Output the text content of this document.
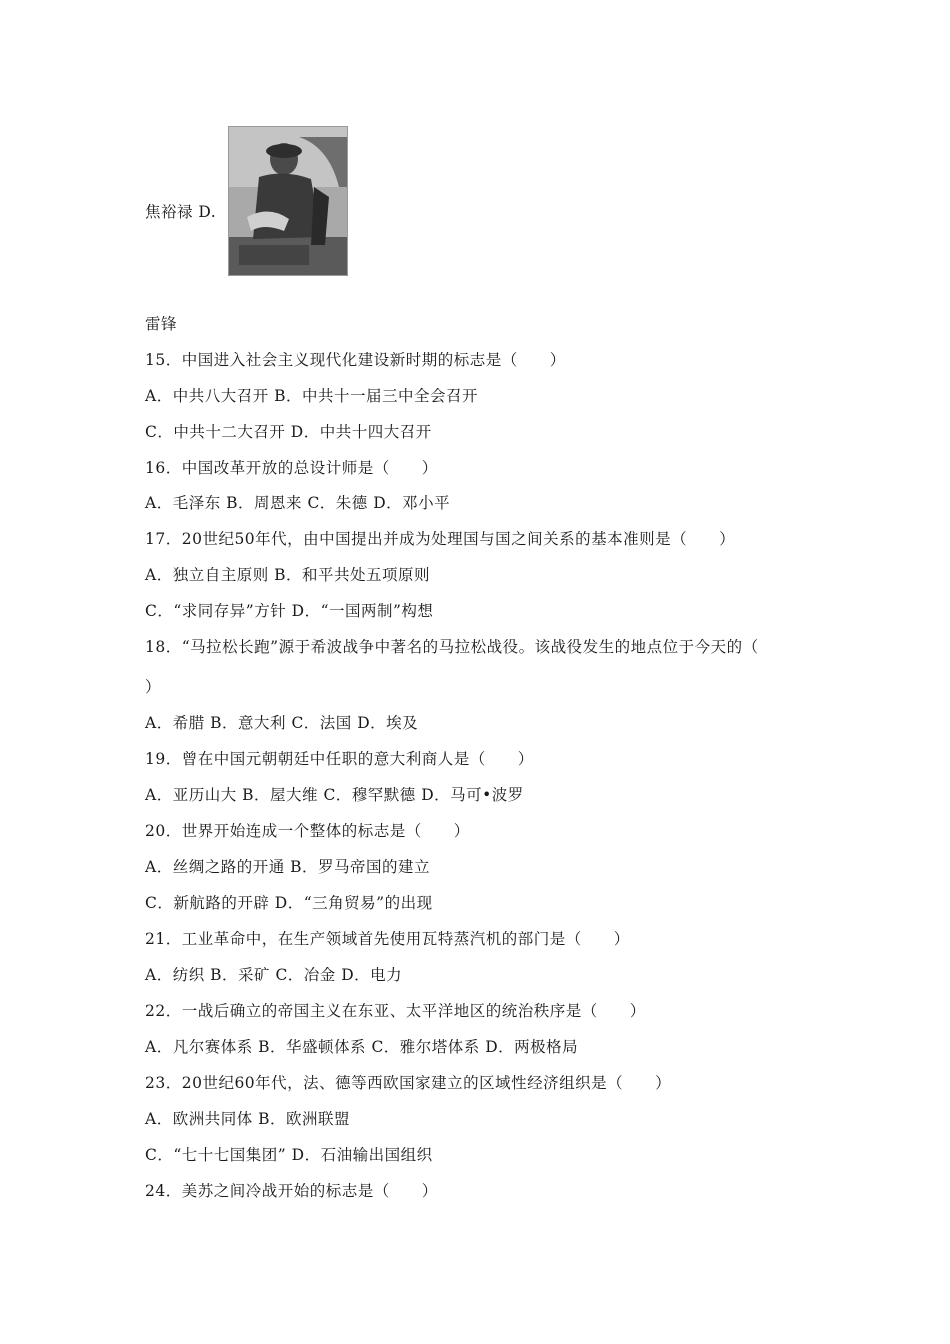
焦裕禄 D.
雷锋
15．中国进入社会主义现代化建设新时期的标志是（　　）
A．中共八大召开 B．中共十一届三中全会召开
C．中共十二大召开 D．中共十四大召开
16．中国改革开放的总设计师是（　　）
A．毛泽东 B．周恩来 C．朱德 D．邓小平
17．20世纪50年代，由中国提出并成为处理国与国之间关系的基本准则是（　　）
A．独立自主原则 B．和平共处五项原则
C．“求同存异”方针 D．“一国两制”构想
18．“马拉松长跑”源于希波战争中著名的马拉松战役。该战役发生的地点位于今天的（
）
A．希腊 B．意大利 C．法国 D．埃及
19．曾在中国元朝朝廷中任职的意大利商人是（　　）
A．亚历山大 B．屋大维 C．穆罕默德 D．马可•波罗
20．世界开始连成一个整体的标志是（　　）
A．丝绸之路的开通 B．罗马帝国的建立
C．新航路的开辟 D．“三角贸易”的出现
21．工业革命中，在生产领域首先使用瓦特蒸汽机的部门是（　　）
A．纺织 B．采矿 C．冶金 D．电力
22．一战后确立的帝国主义在东亚、太平洋地区的统治秩序是（　　）
A．凡尔赛体系 B．华盛顿体系 C．雅尔塔体系 D．两极格局
23．20世纪60年代，法、德等西欧国家建立的区域性经济组织是（　　）
A．欧洲共同体 B．欧洲联盟
C．“七十七国集团” D．石油输出国组织
24．美苏之间冷战开始的标志是（　　）
